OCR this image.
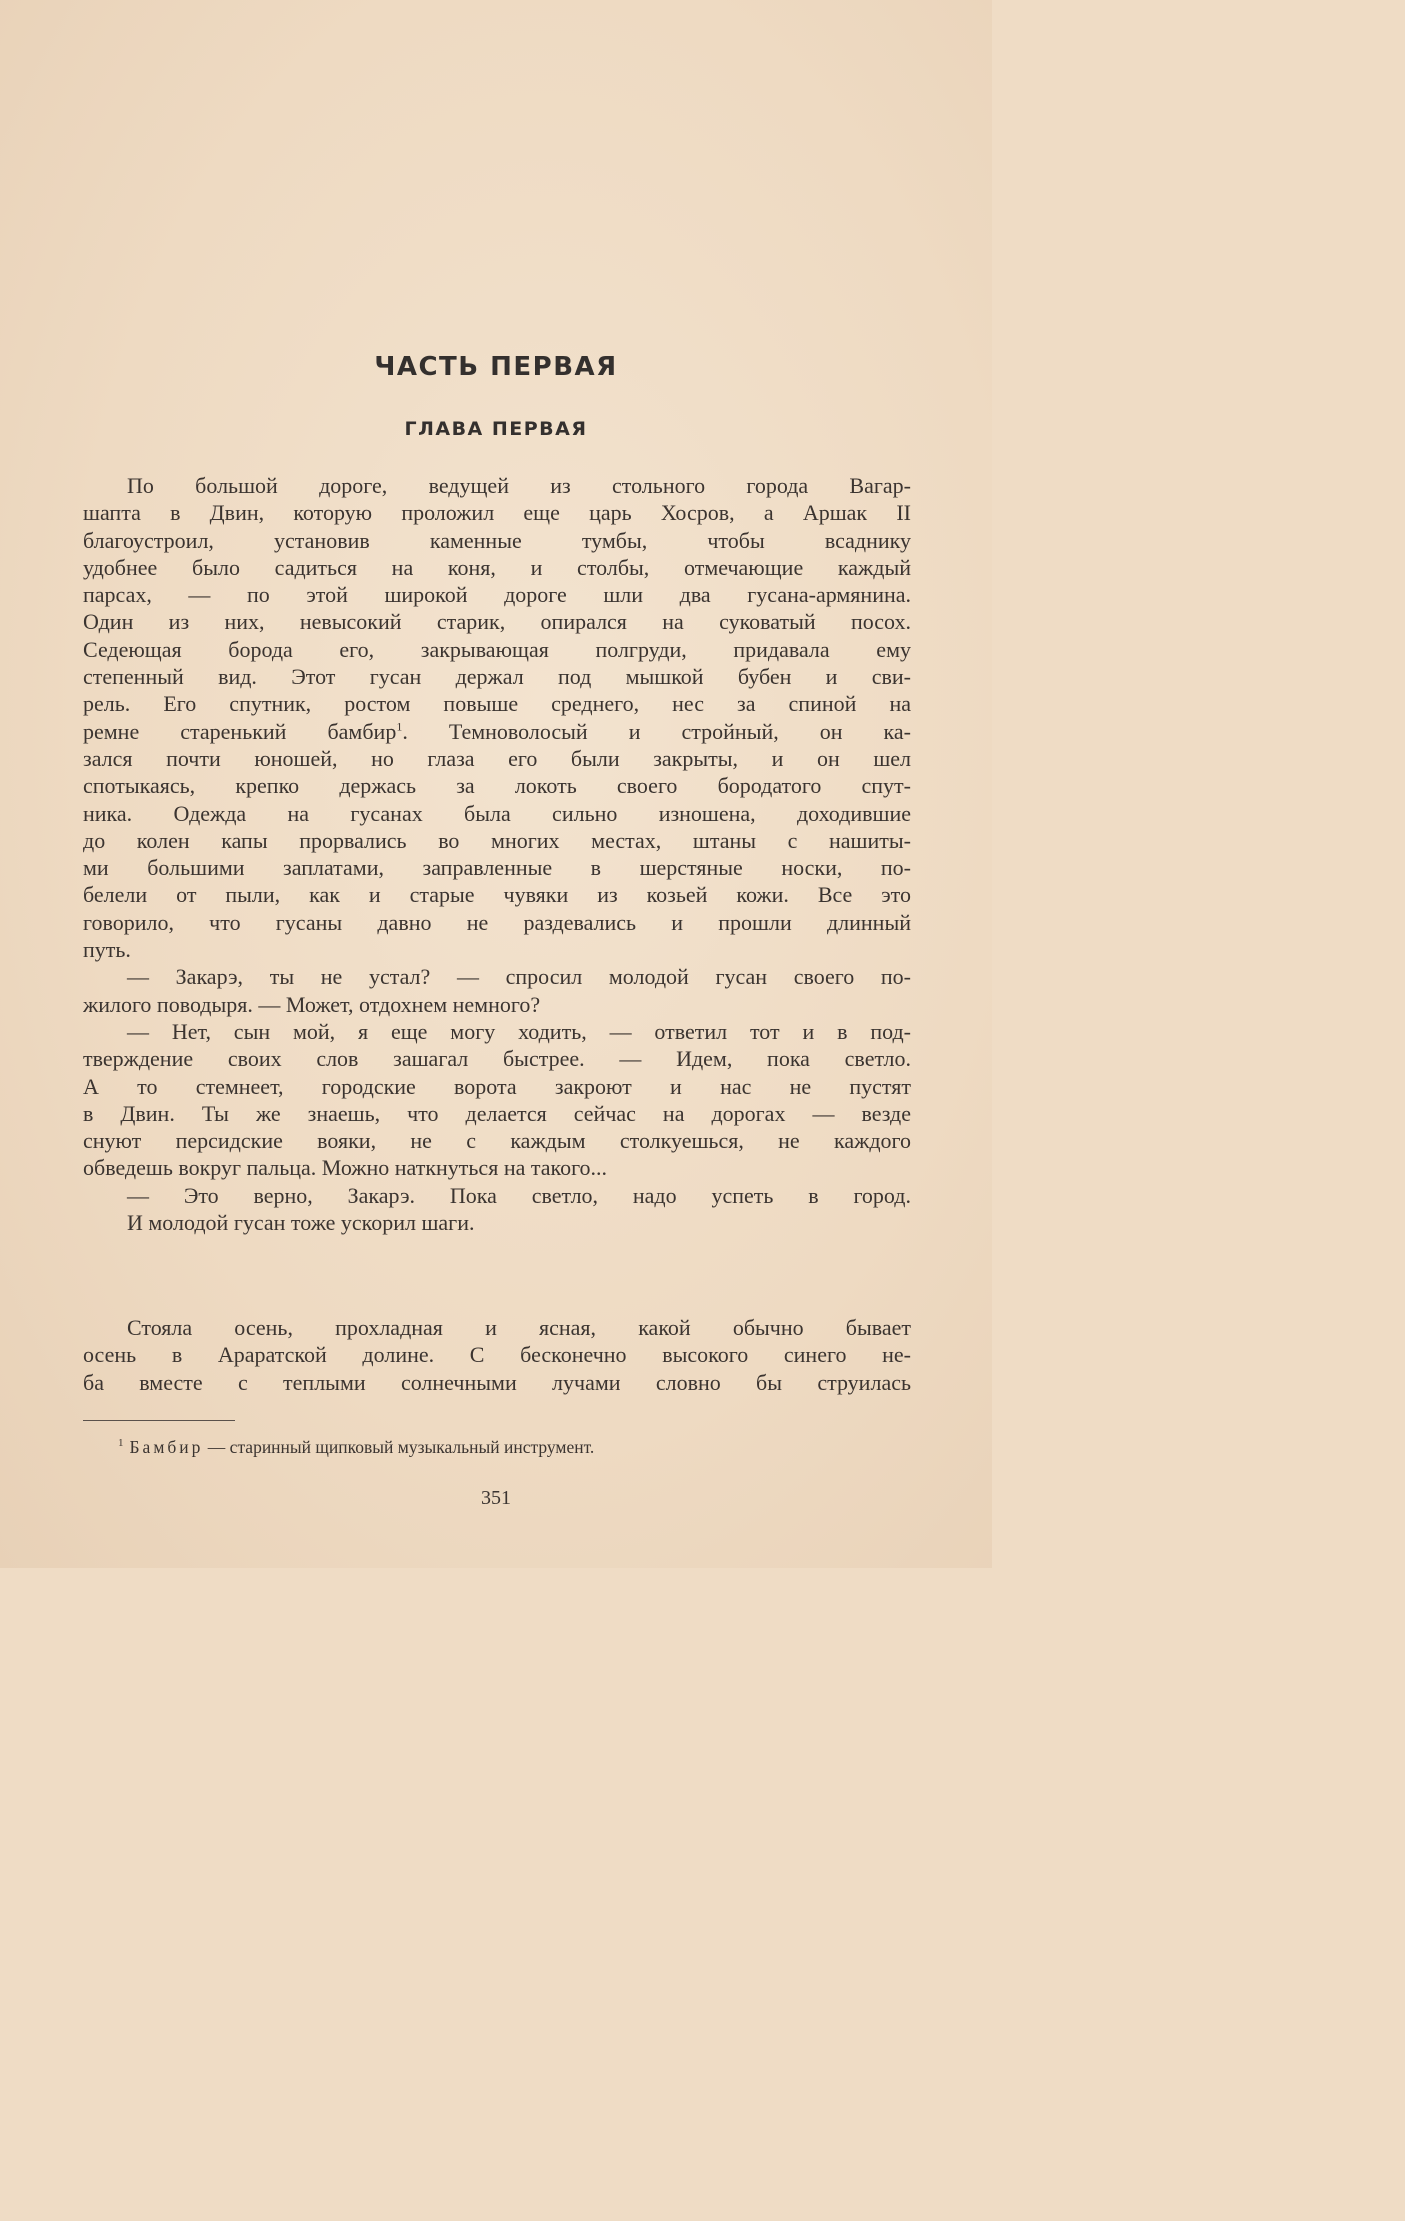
ЧАСТЬ ПЕРВАЯ
ГЛАВА ПЕРВАЯ
По большой дороге, ведущей из стольного города Вагар-
шапта в Двин, которую проложил еще царь Хосров, а Аршак II
благоустроил, установив каменные тумбы, чтобы всаднику
удобнее было садиться на коня, и столбы, отмечающие каждый
парсах, — по этой широкой дороге шли два гусана-армянина.
Один из них, невысокий старик, опирался на суковатый посох.
Седеющая борода его, закрывающая полгруди, придавала ему
степенный вид. Этот гусан держал под мышкой бубен и сви-
рель. Его спутник, ростом повыше среднего, нес за спиной на
ремне старенький бамбир$^1$. Темноволосый и стройный, он ка-
зался почти юношей, но глаза его были закрыты, и он шел
спотыкаясь, крепко держась за локоть своего бородатого спут-
ника. Одежда на гусанах была сильно изношена, доходившие
до колен капы прорвались во многих местах, штаны с нашиты-
ми большими заплатами, заправленные в шерстяные носки, по-
белели от пыли, как и старые чувяки из козьей кожи. Все это
говорило, что гусаны давно не раздевались и прошли длинный
путь.
— Закарэ, ты не устал? — спросил молодой гусан своего по-
жилого поводыря. — Может, отдохнем немного?
— Нет, сын мой, я еще могу ходить, — ответил тот и в под-
тверждение своих слов зашагал быстрее. — Идем, пока светло.
А то стемнеет, городские ворота закроют и нас не пустят
в Двин. Ты же знаешь, что делается сейчас на дорогах — везде
снуют персидские вояки, не с каждым столкуешься, не каждого
обведешь вокруг пальца. Можно наткнуться на такого...
— Это верно, Закарэ. Пока светло, надо успеть в город.
И молодой гусан тоже ускорил шаги.
Стояла осень, прохладная и ясная, какой обычно бывает
осень в Араратской долине. С бесконечно высокого синего не-
ба вместе с теплыми солнечными лучами словно бы струилась
$^1$ Бамбир — старинный щипковый музыкальный инструмент.
351
